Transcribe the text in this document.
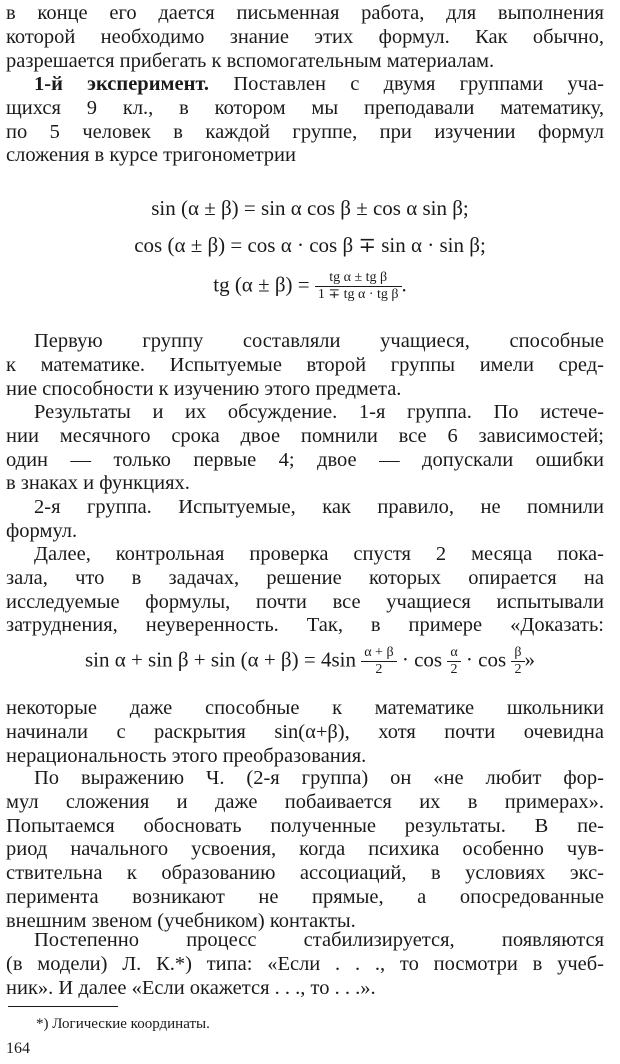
в конце его дается письменная работа, для выполнения
которой необходимо знание этих формул. Как обычно,
разрешается прибегать к вспомогательным материалам.
1-й эксперимент. Поставлен с двумя группами уча-
щихся 9 кл., в котором мы преподавали математику,
по 5 человек в каждой группе, при изучении формул
сложения в курсе тригонометрии
sin (α ± β) = sin α cos β ± cos α sin β;
cos (α ± β) = cos α · cos β ∓ sin α · sin β;
tg $(\alpha \pm \beta) = \frac{\text{tg α ± tg β}}{\text{1 ∓ tg α · tg β}}$ .
Первую группу составляли учащиеся, способные
к математике. Испытуемые второй группы имели сред-
ние способности к изучению этого предмета.
Результаты и их обсуждение. 1-я группа. По истече-
нии месячного срока двое помнили все 6 зависимостей;
один — только первые 4; двое — допускали ошибки
в знаках и функциях.
2-я группа. Испытуемые, как правило, не помнили
формул.
Далее, контрольная проверка спустя 2 месяца пока-
зала, что в задачах, решение которых опирается на
исследуемые формулы, почти все учащиеся испытывали
затруднения, неуверенность. Так, в примере «Доказать:
$\sin \alpha + \sin \beta + \sin (\alpha + \beta) = 4\sin \frac{\alpha + \beta}{2} \cdot \cos \frac{\alpha}{2} \cdot \cos \frac{\beta}{2}$ »
некоторые даже способные к математике школьники
начинали с раскрытия sin(α+β), хотя почти очевидна
нерациональность этого преобразования.
По выражению Ч. (2-я группа) он «не любит фор-
мул сложения и даже побаивается их в примерах».
Попытаемся обосновать полученные результаты. В пе-
риод начального усвоения, когда психика особенно чув-
ствительна к образованию ассоциаций, в условиях экс-
перимента возникают не прямые, а опосредованные
внешним звеном (учебником) контакты.
Постепенно процесс стабилизируется, появляются
(в модели) Л. К.*) типа: «Если . . ., то посмотри в учеб-
ник». И далее «Если окажется . . ., то . . .».
*) Логические координаты.
164
